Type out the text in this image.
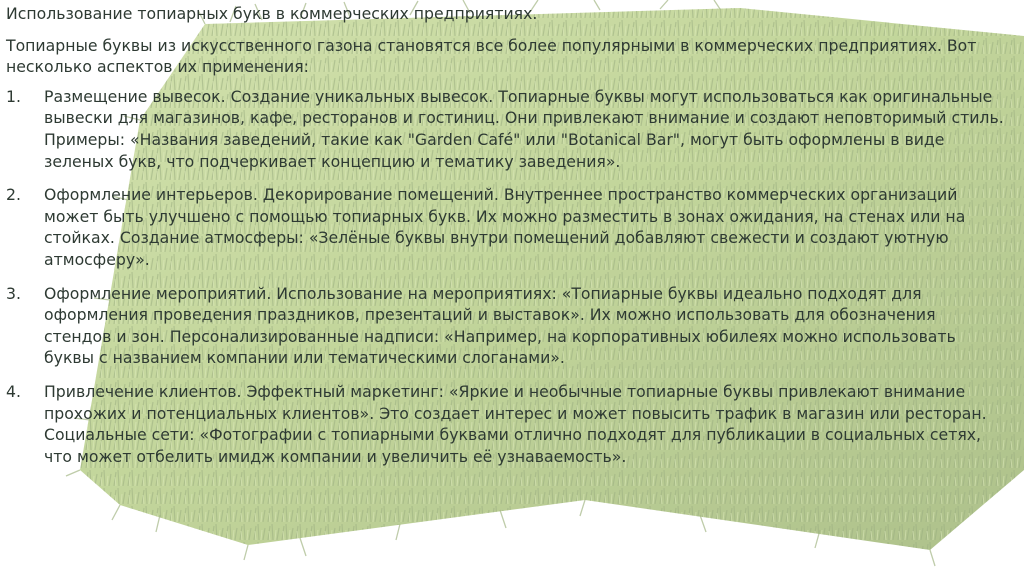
Использование топиарных букв в коммерческих предприятиях.
Топиарные буквы из искусственного газона становятся все более популярными в коммерческих предприятиях. Вот несколько аспектов их применения:
1.	Размещение вывесок. Создание уникальных вывесок. Топиарные буквы могут использоваться как оригинальные вывески для магазинов, кафе, ресторанов и гостиниц. Они привлекают внимание и создают неповторимый стиль. Примеры: «Названия заведений, такие как "Garden Café" или "Botanical Bar", могут быть оформлены в виде зеленых букв, что подчеркивает концепцию и тематику заведения».
2.	Оформление интерьеров. Декорирование помещений. Внутреннее пространство коммерческих организаций может быть улучшено с помощью топиарных букв. Их можно разместить в зонах ожидания, на стенах или на стойках. Создание атмосферы: «Зелёные буквы внутри помещений добавляют свежести и создают уютную атмосферу».
3.	Оформление мероприятий. Использование на мероприятиях: «Топиарные буквы идеально подходят для оформления проведения праздников, презентаций и выставок». Их можно использовать для обозначения стендов и зон. Персонализированные надписи: «Например, на корпоративных юбилеях можно использовать буквы с названием компании или тематическими слоганами».
4.	Привлечение клиентов. Эффектный маркетинг: «Яркие и необычные топиарные буквы привлекают внимание прохожих и потенциальных клиентов». Это создает интерес и может повысить трафик в магазин или ресторан. Социальные сети: «Фотографии с топиарными буквами отлично подходят для публикации в социальных сетях, что может отбелить имидж компании и увеличить её узнаваемость».
